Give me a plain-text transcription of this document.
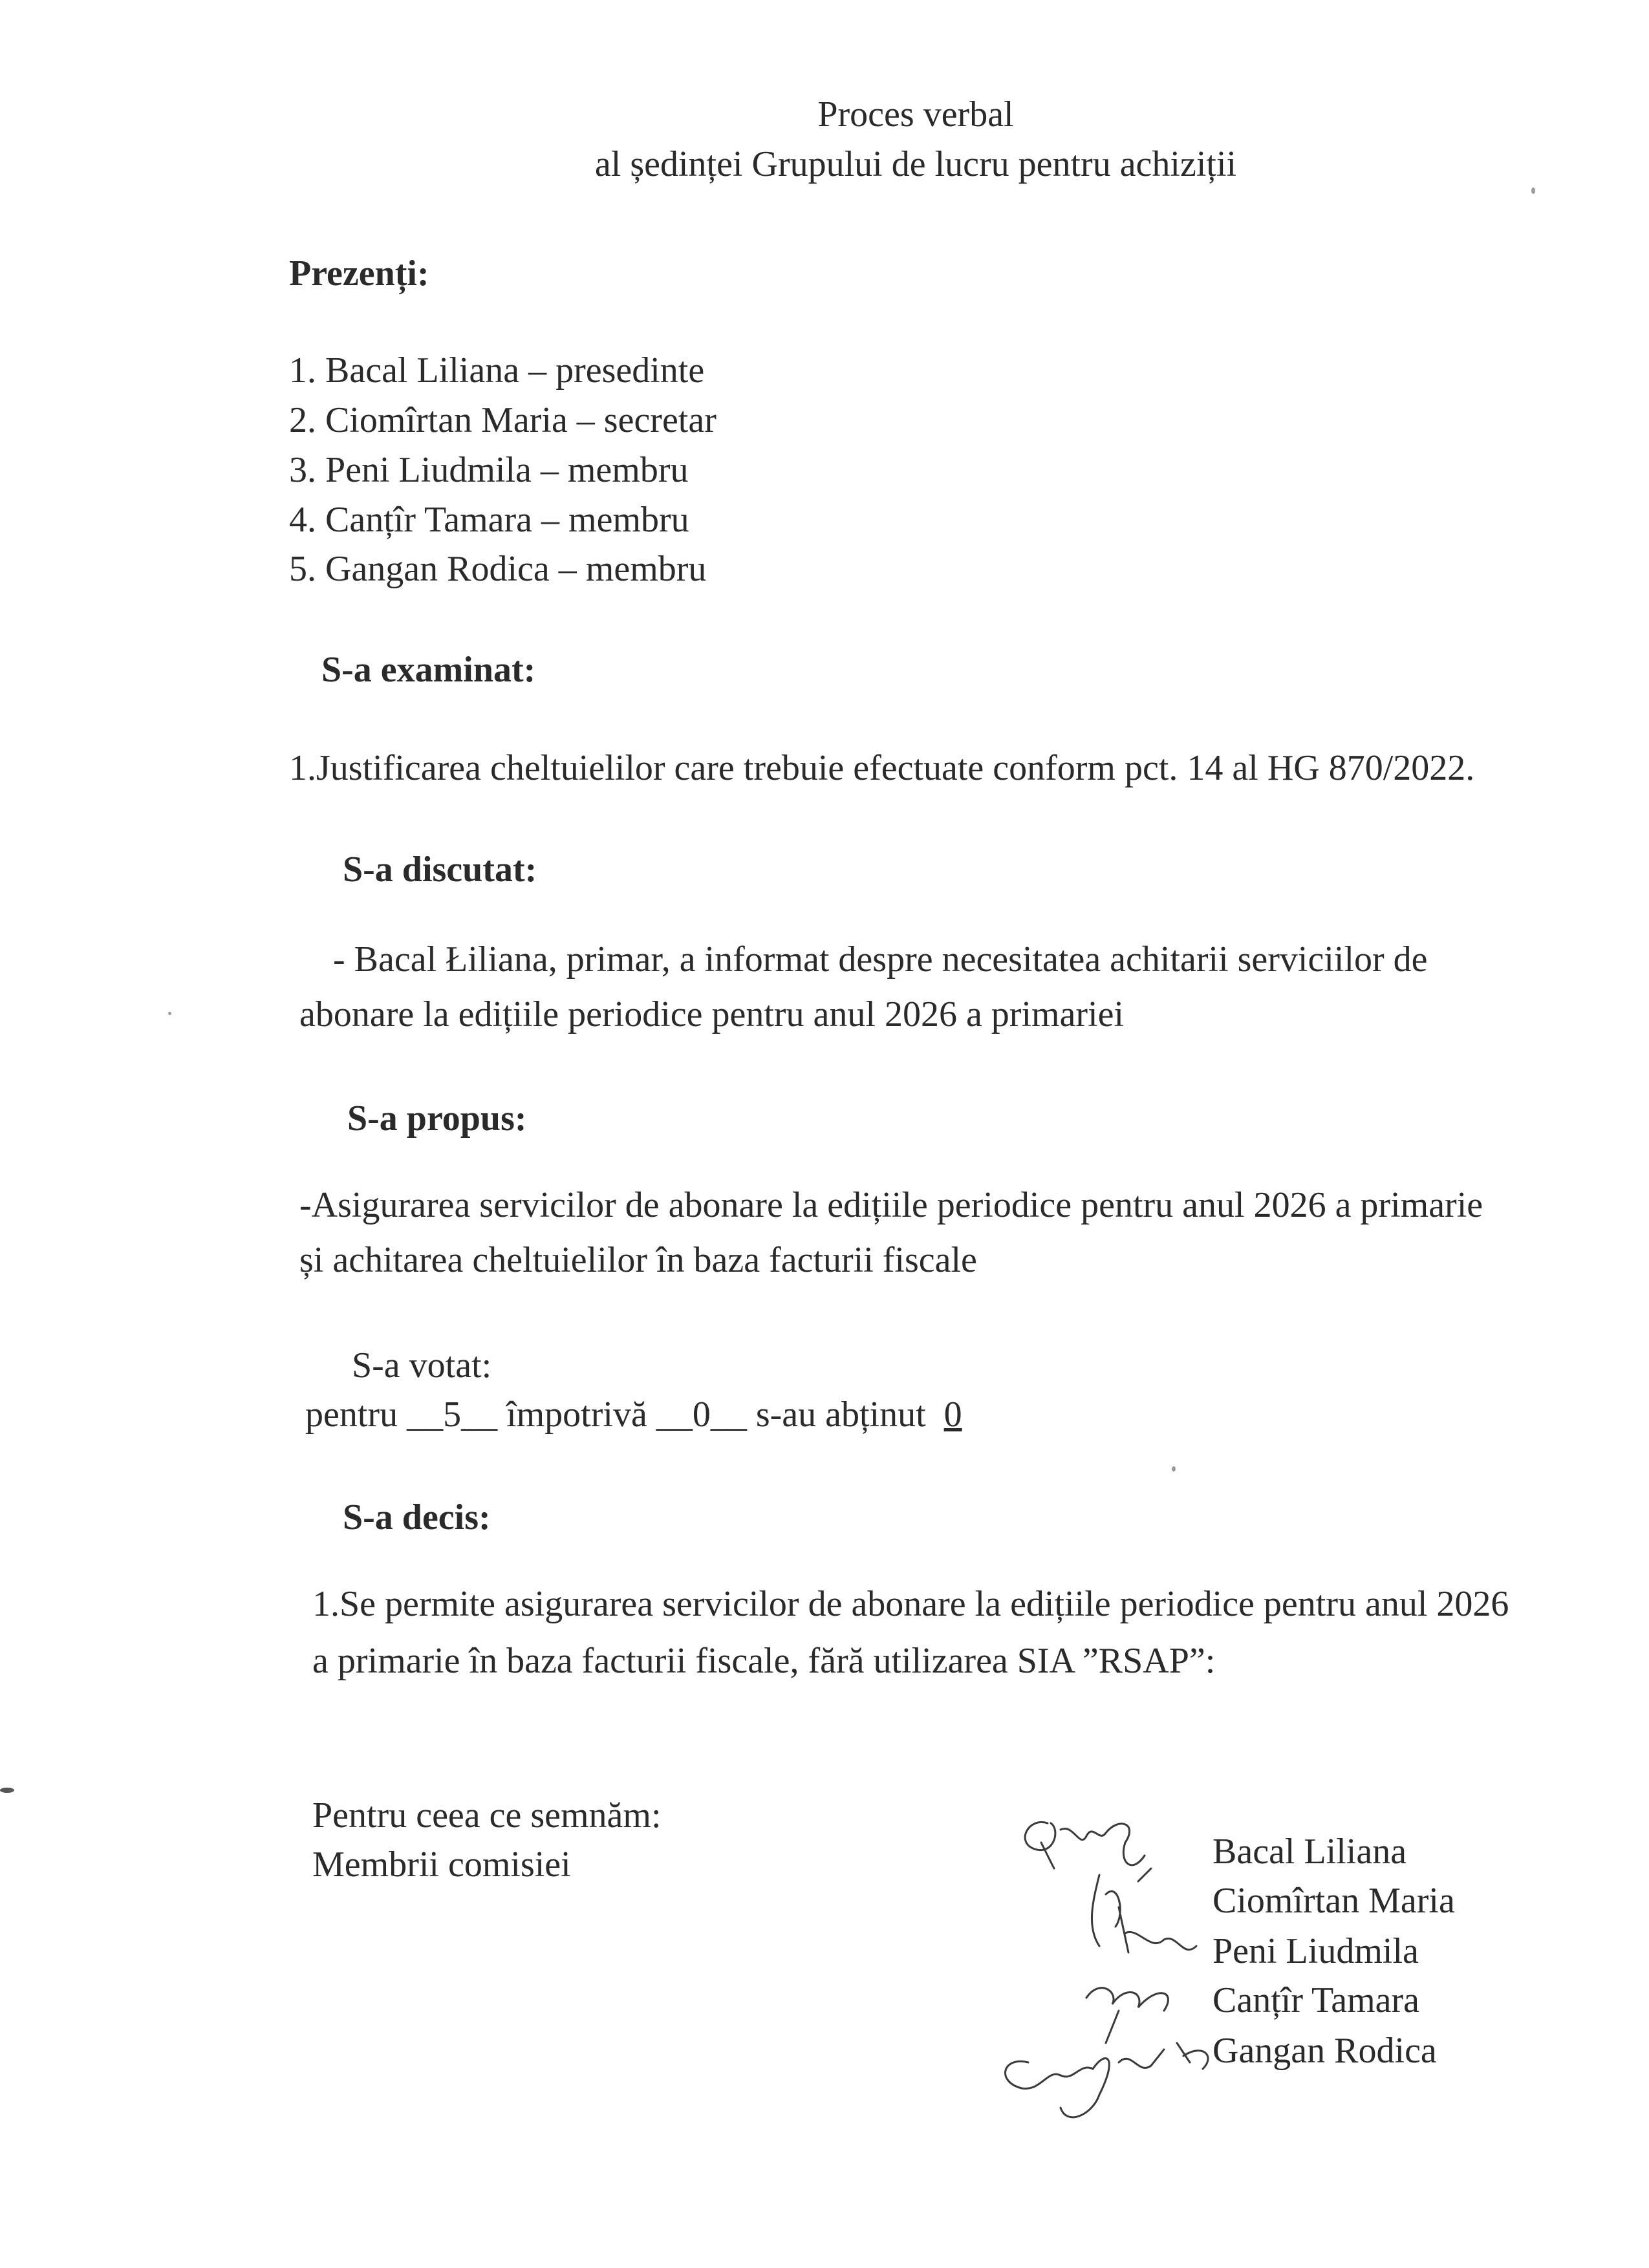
Proces verbal
al ședinței Grupului de lucru pentru achiziții
Prezenți:
1. Bacal Liliana – presedinte
2. Ciomîrtan Maria – secretar
3. Peni Liudmila – membru
4. Canțîr Tamara – membru
5. Gangan Rodica – membru
S-a examinat:
1.Justificarea cheltuielilor care trebuie efectuate conform pct. 14 al HG 870/2022.
S-a discutat:
- Bacal Łiliana, primar, a informat despre necesitatea achitarii serviciilor de
abonare la edițiile periodice pentru anul 2026 a primariei
S-a propus:
-Asigurarea servicilor de abonare la edițiile periodice pentru anul 2026 a primarie
și achitarea cheltuielilor în baza facturii fiscale
S-a votat:
pentru __5__ împotrivă __0__ s-au abținut 0
S-a decis:
1.Se permite asigurarea servicilor de abonare la edițiile periodice pentru anul 2026
a primarie în baza facturii fiscale, fără utilizarea SIA ”RSAP”:
Pentru ceea ce semnăm:
Membrii comisiei	Bacal Liliana
Ciomîrtan Maria
Peni Liudmila
Canțîr Tamara
Gangan Rodica
